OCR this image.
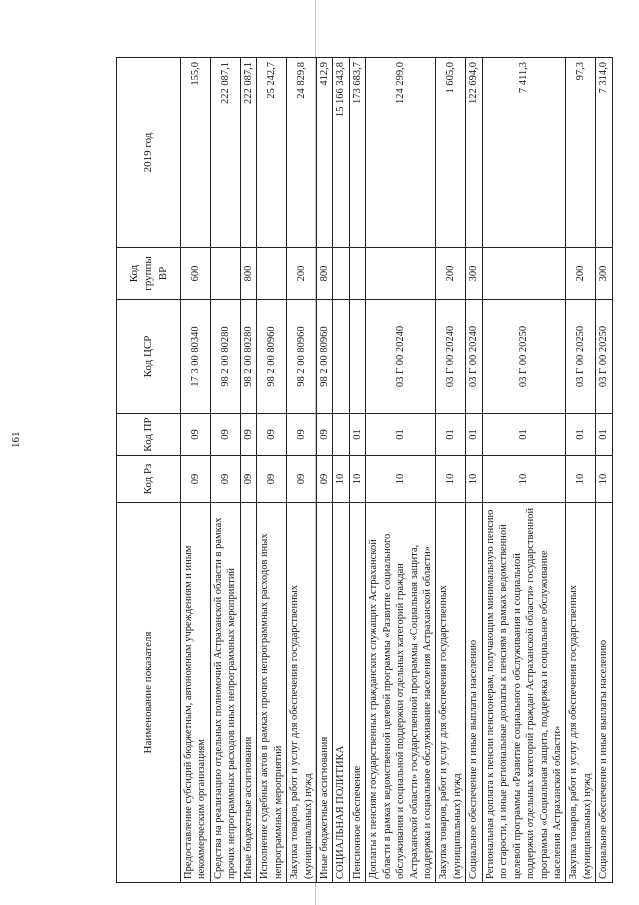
161
Наименование показателя	Код Рз	Код ПР	Код ЦСР	Код группы ВР	2019 год
Предоставление субсидий бюджетным, автономным учреждениям и иным некоммерческим организациям	09	09	17 3 00 80340	600	155,0
Средства на реализацию отдельных полномочий Астраханской области в рамках прочих непрограммных расходов иных непрограммных мероприятий	09	09	98 2 00 80280		222 087,1
Иные бюджетные ассигнования	09	09	98 2 00 80280	800	222 087,1
Исполнение судебных актов в рамках прочих непрограммных расходов иных непрограммных мероприятий	09	09	98 2 00 80960		25 242,7
Закупка товаров, работ и услуг для обеспечения государственных (муниципальных) нужд	09	09	98 2 00 80960	200	24 829,8
Иные бюджетные ассигнования	09	09	98 2 00 80960	800	412,9
СОЦИАЛЬНАЯ ПОЛИТИКА	10				15 166 343,8
Пенсионное обеспечение	10	01			173 683,7
Доплаты к пенсиям государственных гражданских служащих Астраханской области в рамках ведомственной целевой программы «Развитие социального обслуживания и социальной поддержки отдельных категорий граждан Астраханской области» государственной программы «Социальная защита, поддержка и социальное обслуживание населения Астраханской области»	10	01	03 Г 00 20240		124 299,0
Закупка товаров, работ и услуг для обеспечения государственных (муниципальных) нужд	10	01	03 Г 00 20240	200	1 605,0
Социальное обеспечение и иные выплаты населению	10	01	03 Г 00 20240	300	122 694,0
Региональная доплата к пенсии пенсионерам, получающим минимальную пенсию по старости, и иные региональные доплаты к пенсиям в рамках ведомственной целевой программы «Развитие социального обслуживания и социальной поддержки отдельных категорий граждан Астраханской области» государственной программы «Социальная защита, поддержка и социальное обслуживание населения Астраханской области»	10	01	03 Г 00 20250		7 411,3
Закупка товаров, работ и услуг для обеспечения государственных (муниципальных) нужд	10	01	03 Г 00 20250	200	97,3
Социальное обеспечение и иные выплаты населению	10	01	03 Г 00 20250	300	7 314,0
